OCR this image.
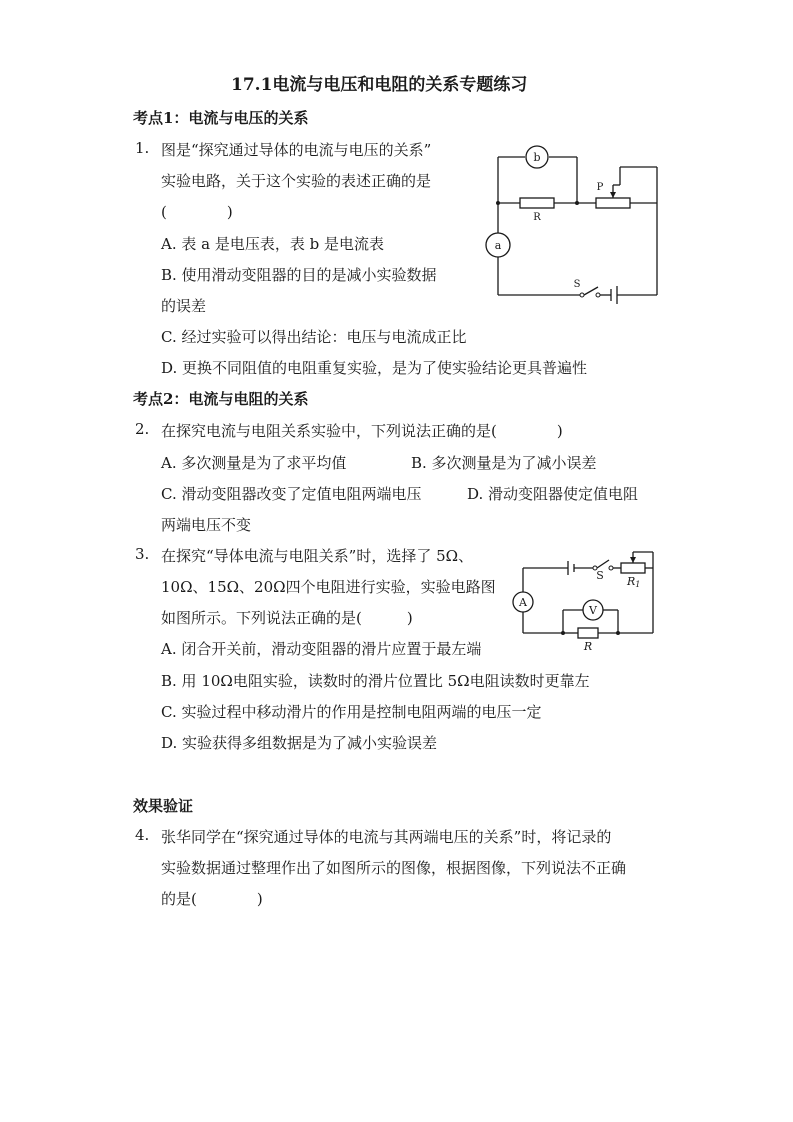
17.1电流与电压和电阻的关系专题练习
考点1：电流与电压的关系
1. 图是“探究通过导体的电流与电压的关系”
实验电路，关于这个实验的表述正确的是
(　　　　)
A. 表 a 是电压表，表 b 是电流表
B. 使用滑动变阻器的目的是减小实验数据
的误差
C. 经过实验可以得出结论：电压与电流成正比
D. 更换不同阻值的电阻重复实验，是为了使实验结论更具普遍性
b
a
R
P
S
考点2：电流与电阻的关系
2. 在探究电流与电阻关系实验中，下列说法正确的是(　　　　)
A. 多次测量是为了求平均值	B. 多次测量是为了减小误差
C. 滑动变阻器改变了定值电阻两端电压	D. 滑动变阻器使定值电阻
两端电压不变
3. 在探究“导体电流与电阻关系”时，选择了 5Ω、
10Ω、15Ω、20Ω四个电阻进行实验，实验电路图
如图所示。下列说法正确的是(　　　)
A. 闭合开关前，滑动变阻器的滑片应置于最左端
B. 用 10Ω电阻实验，读数时的滑片位置比 5Ω电阻读数时更靠左
C. 实验过程中移动滑片的作用是控制电阻两端的电压一定
D. 实验获得多组数据是为了减小实验误差
A
V
S R1
R
效果验证
4. 张华同学在“探究通过导体的电流与其两端电压的关系”时，将记录的
实验数据通过整理作出了如图所示的图像，根据图像，下列说法不正确
的是(　　　　)
